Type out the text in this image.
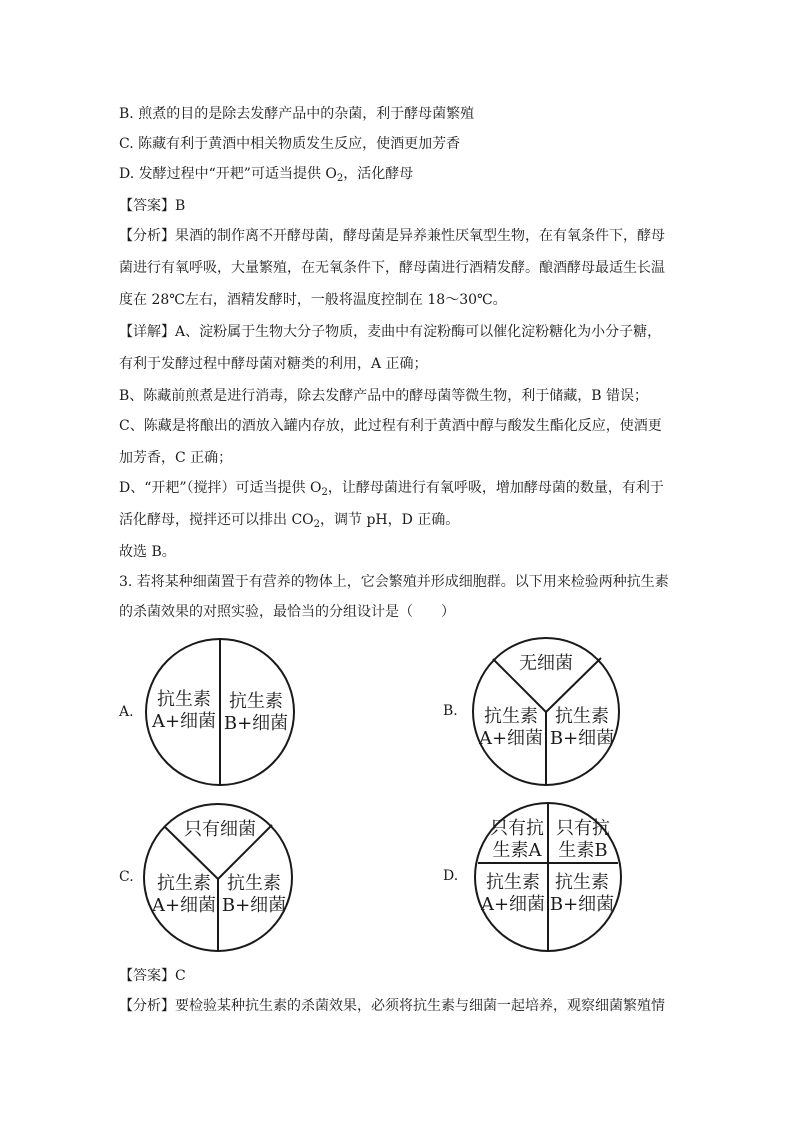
B. 煎煮的目的是除去发酵产品中的杂菌，利于酵母菌繁殖
C. 陈藏有利于黄酒中相关物质发生反应，使酒更加芳香
D. 发酵过程中“开耙”可适当提供 $O_2$，活化酵母
【答案】B
【分析】果酒的制作离不开酵母菌，酵母菌是异养兼性厌氧型生物，在有氧条件下，酵母
菌进行有氧呼吸，大量繁殖，在无氧条件下，酵母菌进行酒精发酵。酿酒酵母最适生长温
度在 28℃左右，酒精发酵时，一般将温度控制在 18～30℃。
【详解】A、淀粉属于生物大分子物质，麦曲中有淀粉酶可以催化淀粉糖化为小分子糖，
有利于发酵过程中酵母菌对糖类的利用，A 正确；
B、陈藏前煎煮是进行消毒，除去发酵产品中的酵母菌等微生物，利于储藏，B 错误；
C、陈藏是将酿出的酒放入罐内存放，此过程有利于黄酒中醇与酸发生酯化反应，使酒更
加芳香，C 正确；
D、“开耙”（搅拌）可适当提供 $O_2$，让酵母菌进行有氧呼吸，增加酵母菌的数量，有利于
活化酵母，搅拌还可以排出 $CO_2$，调节 pH，D 正确。
故选 B。
3. 若将某种细菌置于有营养的物体上，它会繁殖并形成细胞群。以下用来检验两种抗生素
的杀菌效果的对照实验，最恰当的分组设计是（　　）
A.
抗生素
A+细菌
抗生素
B+细菌
B.
无细菌
抗生素
A+细菌
抗生素
B+细菌
C.
只有细菌
抗生素
A+细菌
抗生素
B+细菌
D.
只有抗
生素A
只有抗
生素B
抗生素
A+细菌
抗生素
B+细菌
【答案】C
【分析】要检验某种抗生素的杀菌效果，必须将抗生素与细菌一起培养，观察细菌繁殖情
